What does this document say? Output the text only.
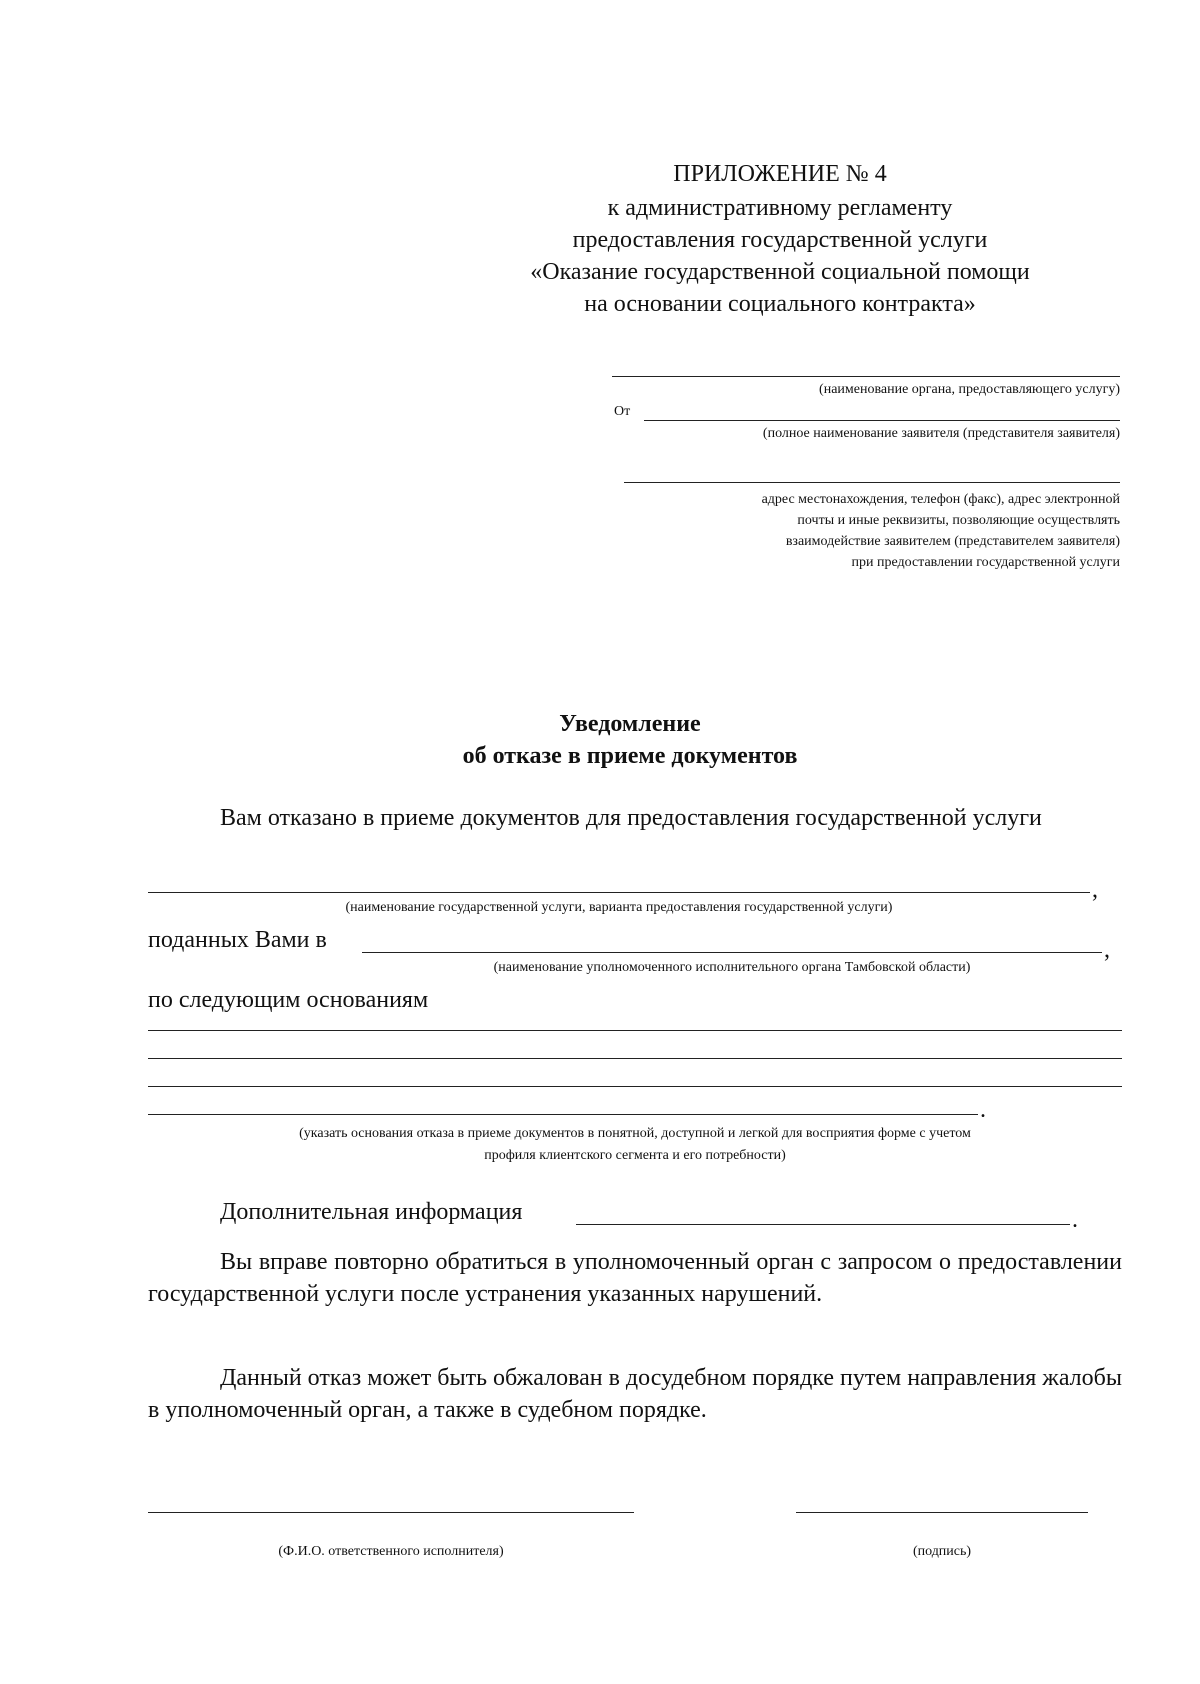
ПРИЛОЖЕНИЕ № 4
к административному регламенту
предоставления государственной услуги
«Оказание государственной социальной помощи
на основании социального контракта»
(наименование органа, предоставляющего услугу)
От
(полное наименование заявителя (представителя заявителя)
адрес местонахождения, телефон (факс), адрес электронной
почты и иные реквизиты, позволяющие осуществлять
взаимодействие заявителем (представителем заявителя)
при предоставлении государственной услуги
Уведомление
об отказе в приеме документов
Вам отказано в приеме документов для предоставления государственной услуги
,
(наименование государственной услуги, варианта предоставления государственной услуги)
поданных Вами в	,
(наименование уполномоченного исполнительного органа Тамбовской области)
по следующим основаниям
.
(указать основания отказа в приеме документов в понятной, доступной и легкой для восприятия форме с учетом
профиля клиентского сегмента и его потребности)
Дополнительная информация	.
Вы вправе повторно обратиться в уполномоченный орган с запросом о предоставлении государственной услуги после устранения указанных нарушений.
Данный отказ может быть обжалован в досудебном порядке путем направления жалобы в уполномоченный орган, а также в судебном порядке.
(Ф.И.О. ответственного исполнителя)	(подпись)
